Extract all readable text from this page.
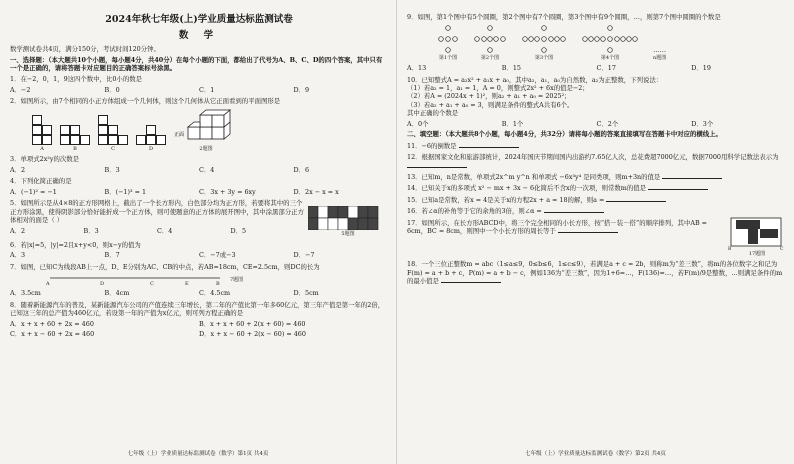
2024年秋七年级(上)学业质量达标监测试卷
数 学
数学测试卷共4页，满分150分，考试时间120分钟。
一、选择题：（本大题共10个小题，每小题4分，共40分）在每个小题的下面，都给出了代号为A、B、C、D的四个答案，其中只有一个是正确的，请将答题卡对应题目的正确答案标号涂黑。
1．在−2，0，1，9这四个数中，比0小的数是
A．−2	B．0	C．1	D．9
2．如图所示，由7个相同的小正方体组成一个几何体，则这个几何体从它正面看到的平面图形是
A	B	C	D
正面
2题图
3．单项式2x²y的次数是
A．2	B．3	C．4	D．6
4．下列化简正确的是
A．(−1)² = −1	B．(−1)³ = 1	C．3x + 3y = 6xy	D．2x − x = x
5．如图所示是从4×8的正方形网格上，截出了一个长方形内，白色部分均为正方形，若要将其中的三个正方形涂黑，使得阴影部分恰好能折成一个正方体，则可使题意的正方体的展开图中，其中涂黑部分正方体相对的面是（ ）
A．2	B．3	C．4	D．5	5题图
6．若|x|=5，|y|=2且x+y<0，则x−y的值为
A．3	B．7	C．−7或−3	D．−7
7．如图，已知C为线段AB上一点，D、E分别为AC、CB的中点，若AB=18cm，CE=2.5cm，则DC的长为
A	D	C	E	B
7题图
A．3.5cm	B．4cm	C．4.5cm	D．5cm
8．随着新能源汽车的普及，某新能源汽车公司的产值连续三年增长，第二年的产值比第一年多60亿元，第三年产值是第一年的2倍，已知这三年的总产值为460亿元，若设第一年的产值为x亿元，则可列方程正确的是
A．x + x + 60 + 2x = 460	B．x + x + 60 + 2(x + 60) = 460
C．x + x − 60 + 2x = 460	D．x + x − 60 + 2(x − 60) = 460
七年级（上）学业质量达标监测试卷（数学）第1页 共4页
9．如图，第1个图中有5个圆圈，第2个图中有7个圆圈，第3个图中有9个圆圈，…，则第7个图中圆圈的个数是
第1个图	第2个图	第3个图	第4个图
……
n题图
A．13	B．15	C．17	D．19
10．已知整式A = a₂x² + a₁x + a₀，其中a₂，a₁，a₀为自然数，a₂为正整数，下列说法：
（1）若a₂ = 1，a₁ = 1，A = 0，则整式2x² + 6x的值是−2；
（2）若A = (2024x + 1)²，则a₂ + a₁ + a₀ = 2025²；
（3）若a₂ + a₁ + a₀ = 3，则满足条件的整式A共有6个。
其中正确的个数是
A．0个	B．1个	C．2个	D．3个
二、填空题：（本大题共8个小题，每小题4分，共32分）请将每小题的答案直接填写在答题卡中对应的横线上。
11．−6的倒数是
12．根据国家文化和旅游部统计，2024年国庆节期间国内出游约7.65亿人次，总花费超7000亿元，数据7000用科学记数法表示为
13．已知m，n是常数，单项式2x^m y^n 和单项式 −6x³y⁴ 是同类项，则m+3n的值是
14．已知关于x的多项式 x² − mx + 3x − 6化简后不含x的一次项，则常数m的值是
15．已知a是常数，若x = 4是关于x的方程2x + a = 18的解，则a =
16．若∠α的补角等于它的余角的3倍，则∠α =
17．如图所示，在长方形ABCD中，将三个完全相同的小长方形，按“搭－装－搭”的顺序排列，其中AB = 6cm，BC = 8cm，则图中一个小长方形的周长等于
B	C
17题图
18．一个三位正整数m = abc（1≤a≤9，0≤b≤6，1≤c≤9），若满足a + c = 2b，则称m为“差三数”，将m的各位数字之和记为F(m) = a + b + c，P(m) = a + b − c，例如136为“差三数”，因为1+6=…，F(136)=…，若F(m)/9是整数，…则满足条件的m的最小值是
七年级（上）学业质量达标监测试卷（数学）第2页 共4页
